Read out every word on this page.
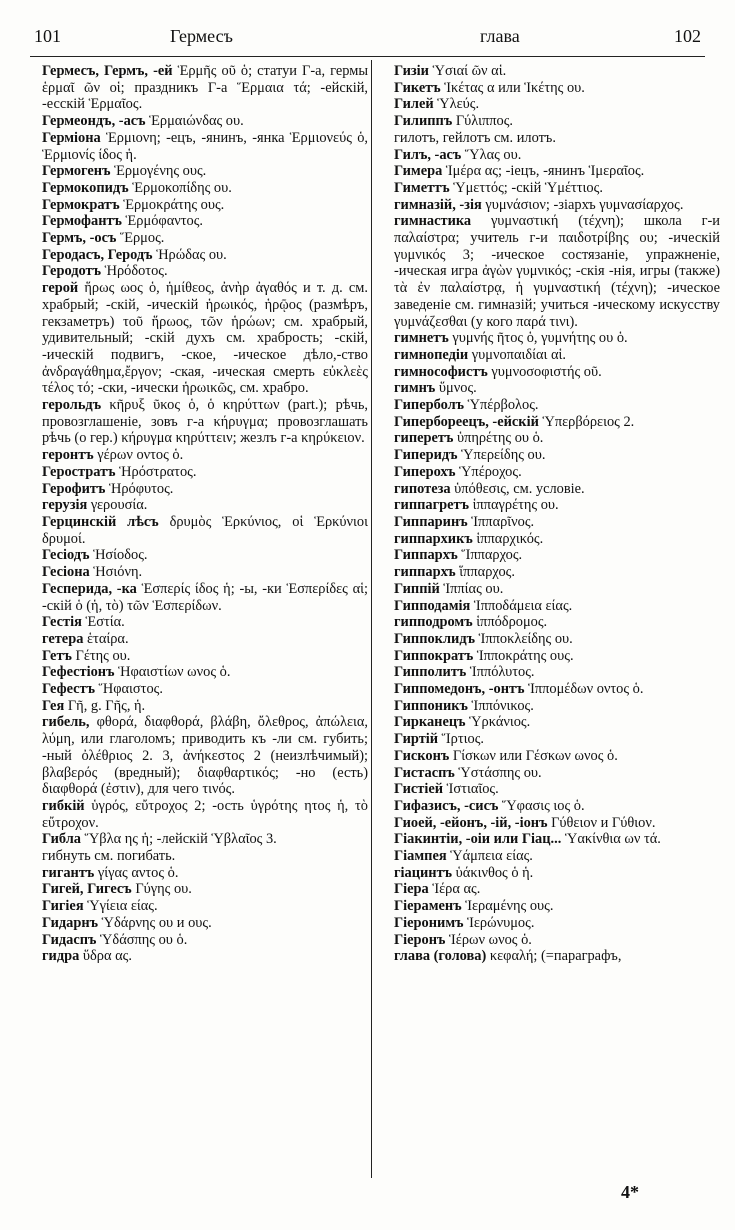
101	Гермесъ	глава	102

Гермесъ, Гермъ, -ей Ἑρμῆς οῦ ὁ; статуи Г-а, гермы ἑρμαῖ ῶν οἱ; праздникъ Г-а Ἕρμαια τά; -ейскій, -есскій Ἑρμαῖος.

Гермеондъ, -асъ Ἑρμαιώνδας ου.

Герміона Ἑρμιονη; -ецъ, -янинъ, -янка Ἑρμιονεύς ὁ, Ἑρμιονίς ίδος ἡ.

Гермогенъ Ἑρμογένης ους.

Гермокопидъ Ἑρμοκοπίδης ου.

Гермократъ Ἑρμοκράτης ους.

Гермофантъ Ἑρμόφαντος.

Гермъ, -осъ Ἕρμος.

Геродасъ, Геродъ Ἡρώδας ου.

Геродотъ Ἡρόδοτος.

герой ἥρως ωος ὁ, ἡμίθεος, ἀνὴρ ἀγαθός и т. д. см. храбрый; -скій, -ическій ἡρωικός, ἡρῷος (размѣръ, гекзаметръ) τοῦ ἥρωος, τῶν ἡρώων; см. храбрый, удивительный; -скій духъ см. храбрость; -скій, -ическій подвигъ, -ское, -ическое дѣло,-ство ἀνδραγάθημα,ἔργον; -ская, -ическая смерть εὐκλεὲς τέλος τό; -ски, -ически ἡρωικῶς, см. храбро.

герольдъ κῆρυξ ῦκος ὁ, ὁ κηρύττων (part.); рѣчь, провозглашеніе, зовъ г-а κήρυγμα; провозглашать рѣчь (о гер.) κήρυγμα κηρύττειν; жезлъ г-а κηρύκειον.

геронтъ γέρων οντος ὁ.

Геростратъ Ἡρόστρατος.

Герофитъ Ἡρόφυτος.

герузія γερουσία.

Герцинскій лѣсъ δρυμὸς Ἑρκύνιος, οἱ Ἑρκύνιοι δρυμοί.

Гесіодъ Ἡσίοδος.

Гесіона Ἡσιόνη.

Гесперида, -ка Ἑσπερίς ίδος ἡ; -ы, -ки Ἑσπερίδες αἱ; -скій ὁ (ἡ, τὸ) τῶν Ἑσπερίδων.

Гестія Ἑστία.

гетера ἑταίρα.

Гетъ Γέτης ου.

Гефестіонъ Ἡφαιστίων ωνος ὁ.

Гефестъ Ἥφαιστος.

Гея Γῆ, g. Γῆς, ἡ.

гибель, φθορά, διαφθορά, βλάβη, ὄλεθρος, ἀπώλεια, λύμη, или глаголомъ; приводить къ -ли см. губить; -ный ὀλέθριος 2. 3, ἀνήκεστος 2 (неизлѣчимый); βλαβερός (вредный); διαφθαρτικός; -но (есть) διαφθορά (ἐστιν), для чего τινός.

гибкій ὑγρός, εὔτροχος 2; -ость ὑγρότης ητος ἡ, τὸ εὔτροχον.

Гибла Ὕβλα ης ἡ; -лейскій Ὑβλαῖος 3.

гибнуть см. погибать.

гигантъ γίγας αντος ὁ.

Гигей, Гигесъ Γύγης ου.

Гигіея Ὑγίεια είας.

Гидарнъ Ὑδάρνης ου и ους.

Гидаспъ Ὑδάσπης ου ὁ.

гидра ὕδρα ας.

Гизіи Ὑσιαί ῶν αἱ.

Гикетъ Ἱκέτας α или Ἱκέτης ου.

Гилей Ὑλεύς.

Гилиппъ Γύλιππος.

гилотъ, гейлотъ см. илотъ.

Гилъ, -асъ Ὕλας ου.

Гимера Ἱμέρα ας; -іецъ, -янинъ Ἱμεραῖος.

Гиметтъ Ὑμεττός; -скій Ὑμέττιος.

гимназій, -зія γυμνάσιον; -зіархъ γυμνασίαρχος.

гимнастика γυμναστική (τέχνη); школа г-и παλαίστρα; учитель г-и παιδοτρίβης ου; -ическій γυμνικός 3; -ическое состязаніе, упражненіе, -ическая игра ἀγὼν γυμνικός; -скія -нія, игры (также) τὰ ἐν παλαίστρᾳ, ἡ γυμναστική (τέχνη); -ическое заведеніе см. гимназій; учиться -ическому искусству γυμνάζεσθαι (у кого παρά τινι).

гимнетъ γυμνής ῆτος ὁ, γυμνήτης ου ὁ.

гимнопедіи γυμνοπαιδίαι αἱ.

гимнософистъ γυμνοσοφιστής οῦ.

гимнъ ὕμνος.

Гиперболъ Ὑπέρβολος.

Гипербореецъ, -ейскій Ὑπερβόρειος 2.

гиперетъ ὑπηρέτης ου ὁ.

Гиперидъ Ὑπερείδης ου.

Гиперохъ Ὑπέροχος.

гипотеза ὑπόθεσις, см. условіе.

гиппагретъ ἱππαγρέτης ου.

Гиппаринъ Ἱππαρῖνος.

гиппархикъ ἱππαρχικός.

Гиппархъ Ἵππαρχος.

гиппархъ ἵππαρχος.

Гиппій Ἱππίας ου.

Гипподамія Ἱπποδάμεια είας.

гипподромъ ἱππόδρομος.

Гиппоклидъ Ἱπποκλείδης ου.

Гиппократъ Ἱπποκράτης ους.

Гипполитъ Ἱππόλυτος.

Гиппомедонъ, -онтъ Ἱππομέδων οντος ὁ.

Гиппоникъ Ἱππόνικος.

Гирканецъ Ὑρκάνιος.

Гиртій Ἵρτιος.

Гисконъ Γίσκων или Γέσκων ωνος ὁ.

Гистаспъ Ὑστάσπης ου.

Гистіей Ἱστιαῖος.

Гифазисъ, -сисъ Ὕφασις ιος ὁ.

Гиоей, -ейонъ, -ій, -іонъ Γύθειον и Γύθιον.

Гіакинтіи, -оіи или Гіац... Ὑακίνθια ων τά.

Гіампея Ὑάμπεια είας.

гіацинтъ ὑάκινθος ὁ ἡ.

Гіера Ἱέρα ας.

Гіераменъ Ἱεραμένης ους.

Гіеронимъ Ἱερώνυμος.

Гіеронъ Ἱέρων ωνος ὁ.

глава (голова) κεφαλή; (=параграфъ,

4*
